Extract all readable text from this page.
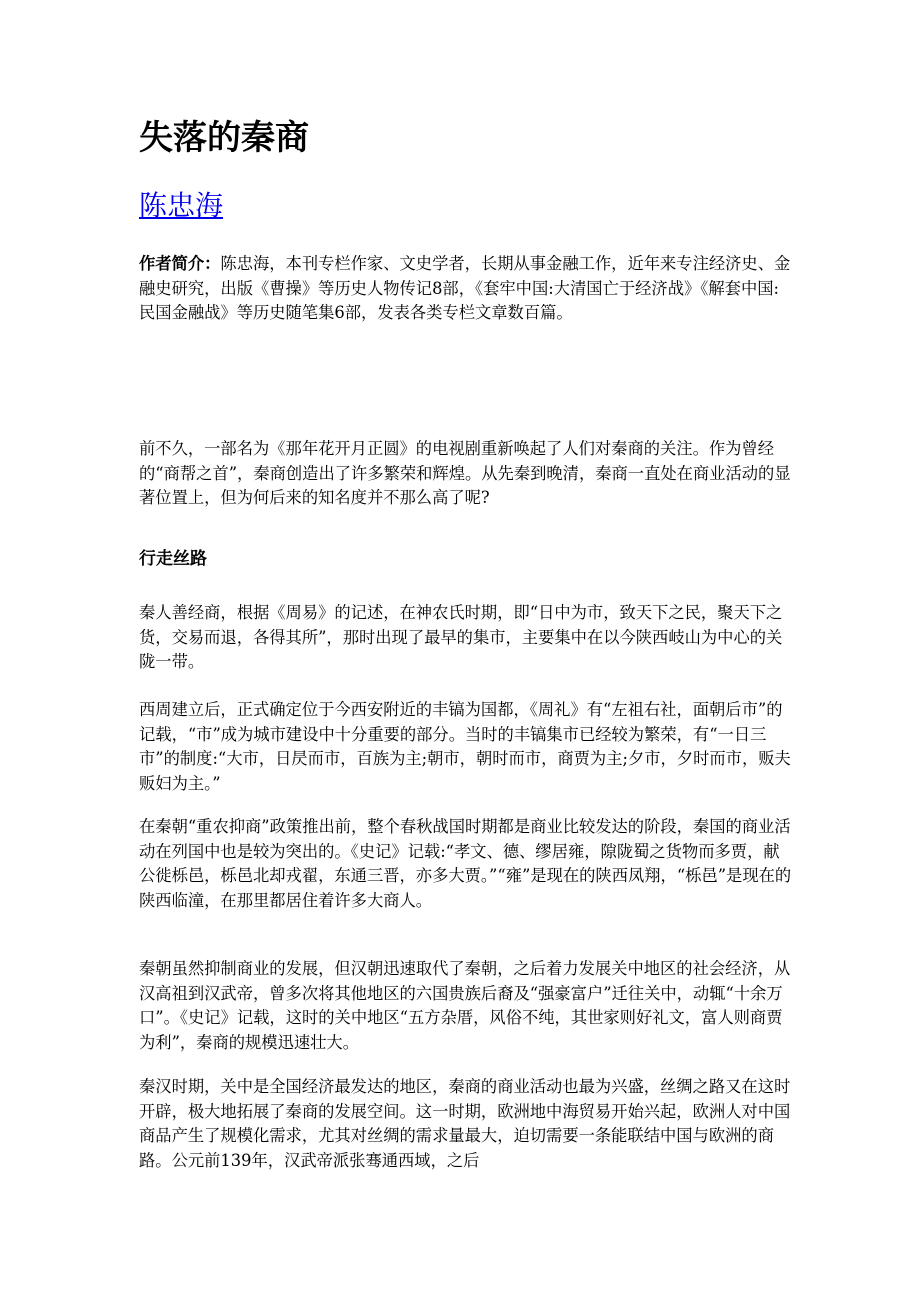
失落的秦商
陈忠海

作者简介：陈忠海，本刊专栏作家、文史学者，长期从事金融工作，近年来专注经济史、金融史研究，出版《曹操》等历史人物传记8部，《套牢中国:大清国亡于经济战》《解套中国:民国金融战》等历史随笔集6部，发表各类专栏文章数百篇。

前不久，一部名为《那年花开月正圆》的电视剧重新唤起了人们对秦商的关注。作为曾经的“商帮之首”，秦商创造出了许多繁荣和辉煌。从先秦到晚清，秦商一直处在商业活动的显著位置上，但为何后来的知名度并不那么高了呢?

行走丝路

秦人善经商，根据《周易》的记述，在神农氏时期，即“日中为市，致天下之民，聚天下之货，交易而退，各得其所”，那时出现了最早的集市，主要集中在以今陕西岐山为中心的关陇一带。

西周建立后，正式确定位于今西安附近的丰镐为国都，《周礼》有“左祖右社，面朝后市”的记载，“市”成为城市建设中十分重要的部分。当时的丰镐集市已经较为繁荣，有“一日三市”的制度:“大市，日昃而市，百族为主;朝市，朝时而市，商贾为主;夕市，夕时而市，贩夫贩妇为主。”

在秦朝“重农抑商”政策推出前，整个春秋战国时期都是商业比较发达的阶段，秦国的商业活动在列国中也是较为突出的。《史记》记载:“孝文、德、缪居雍，隙陇蜀之货物而多贾，献公徙栎邑，栎邑北却戎翟，东通三晋，亦多大贾。”“雍”是现在的陕西凤翔，“栎邑”是现在的陕西临潼，在那里都居住着许多大商人。

秦朝虽然抑制商业的发展，但汉朝迅速取代了秦朝，之后着力发展关中地区的社会经济，从汉高祖到汉武帝，曾多次将其他地区的六国贵族后裔及“强豪富户”迁往关中，动辄“十余万口”。《史记》记载，这时的关中地区“五方杂厝，风俗不纯，其世家则好礼文，富人则商贾为利”，秦商的规模迅速壮大。

秦汉时期，关中是全国经济最发达的地区，秦商的商业活动也最为兴盛，丝绸之路又在这时开辟，极大地拓展了秦商的发展空间。这一时期，欧洲地中海贸易开始兴起，欧洲人对中国商品产生了规模化需求，尤其对丝绸的需求量最大，迫切需要一条能联结中国与欧洲的商路。公元前139年，汉武帝派张骞通西域，之后
